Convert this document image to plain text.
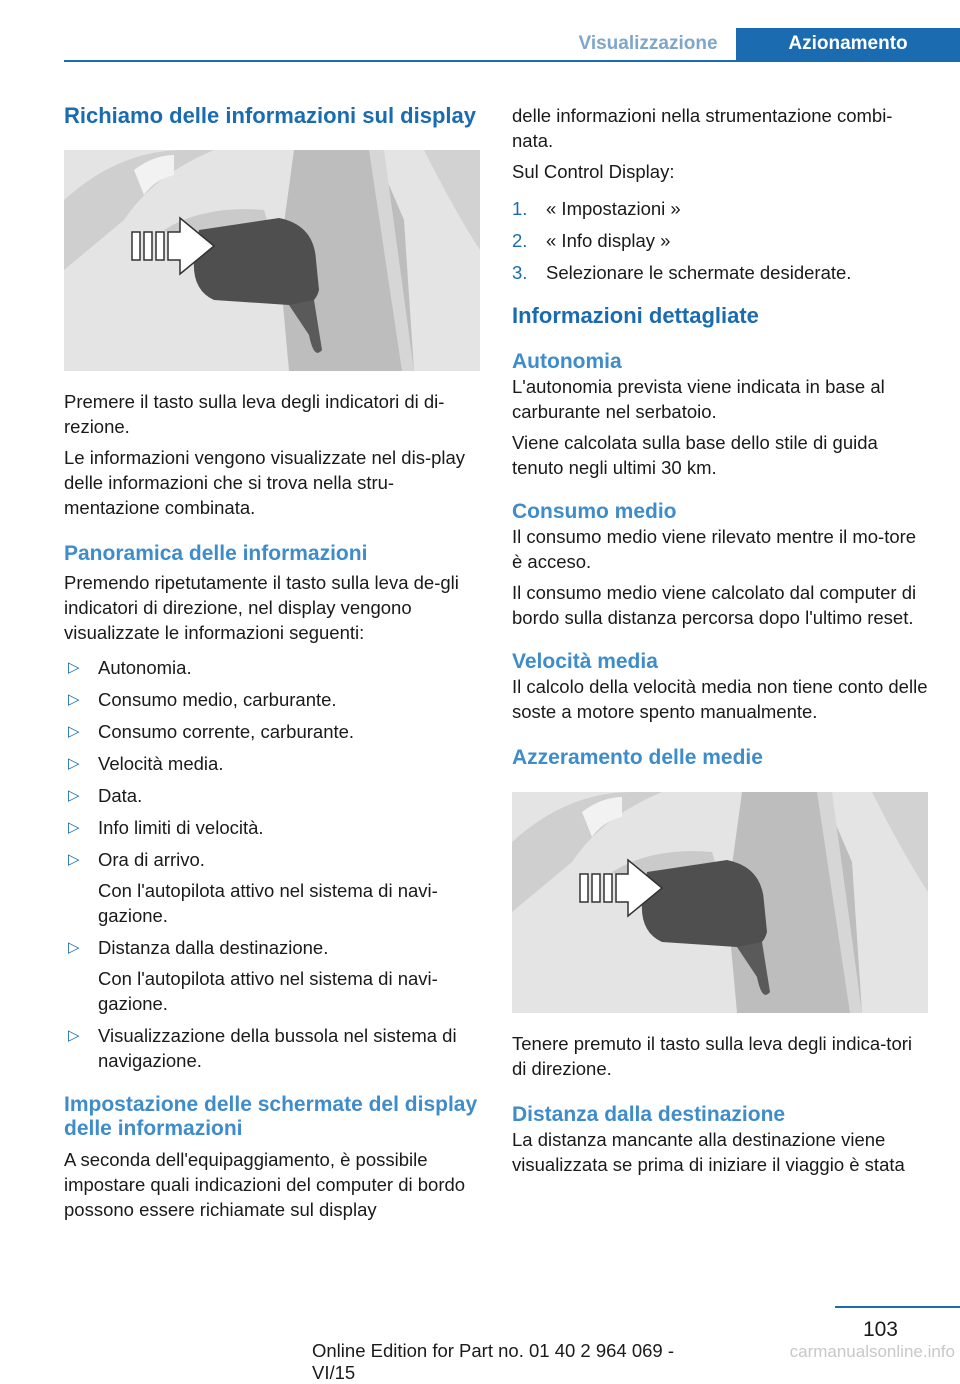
Visualizzazione	Azionamento
Richiamo delle informazioni sul display

Premere il tasto sulla leva degli indicatori di di‐rezione.

Le informazioni vengono visualizzate nel dis‐play delle informazioni che si trova nella stru‐mentazione combinata.

Panoramica delle informazioni

Premendo ripetutamente il tasto sulla leva de‐gli indicatori di direzione, nel display vengono visualizzate le informazioni seguenti:

▷ Autonomia.
▷ Consumo medio, carburante.
▷ Consumo corrente, carburante.
▷ Velocità media.
▷ Data.
▷ Info limiti di velocità.
▷ Ora di arrivo.
Con l'autopilota attivo nel sistema di navi‐gazione.
▷ Distanza dalla destinazione.
Con l'autopilota attivo nel sistema di navi‐gazione.
▷ Visualizzazione della bussola nel sistema di navigazione.
Impostazione delle schermate del display delle informazioni

A seconda dell'equipaggiamento, è possibile impostare quali indicazioni del computer di bordo possono essere richiamate sul display

delle informazioni nella strumentazione combi‐nata.

Sul Control Display:

1. « Impostazioni »
2. « Info display »
3. Selezionare le schermate desiderate.
Informazioni dettagliate
Autonomia

L'autonomia prevista viene indicata in base al carburante nel serbatoio.

Viene calcolata sulla base dello stile di guida tenuto negli ultimi 30 km.

Consumo medio

Il consumo medio viene rilevato mentre il mo‐tore è acceso.

Il consumo medio viene calcolato dal computer di bordo sulla distanza percorsa dopo l'ultimo reset.

Velocità media

Il calcolo della velocità media non tiene conto delle soste a motore spento manualmente.

Azzeramento delle medie

Tenere premuto il tasto sulla leva degli indica‐tori di direzione.

Distanza dalla destinazione

La distanza mancante alla destinazione viene visualizzata se prima di iniziare il viaggio è stata

103
Online Edition for Part no. 01 40 2 964 069 - VI/15
carmanualsonline.info
